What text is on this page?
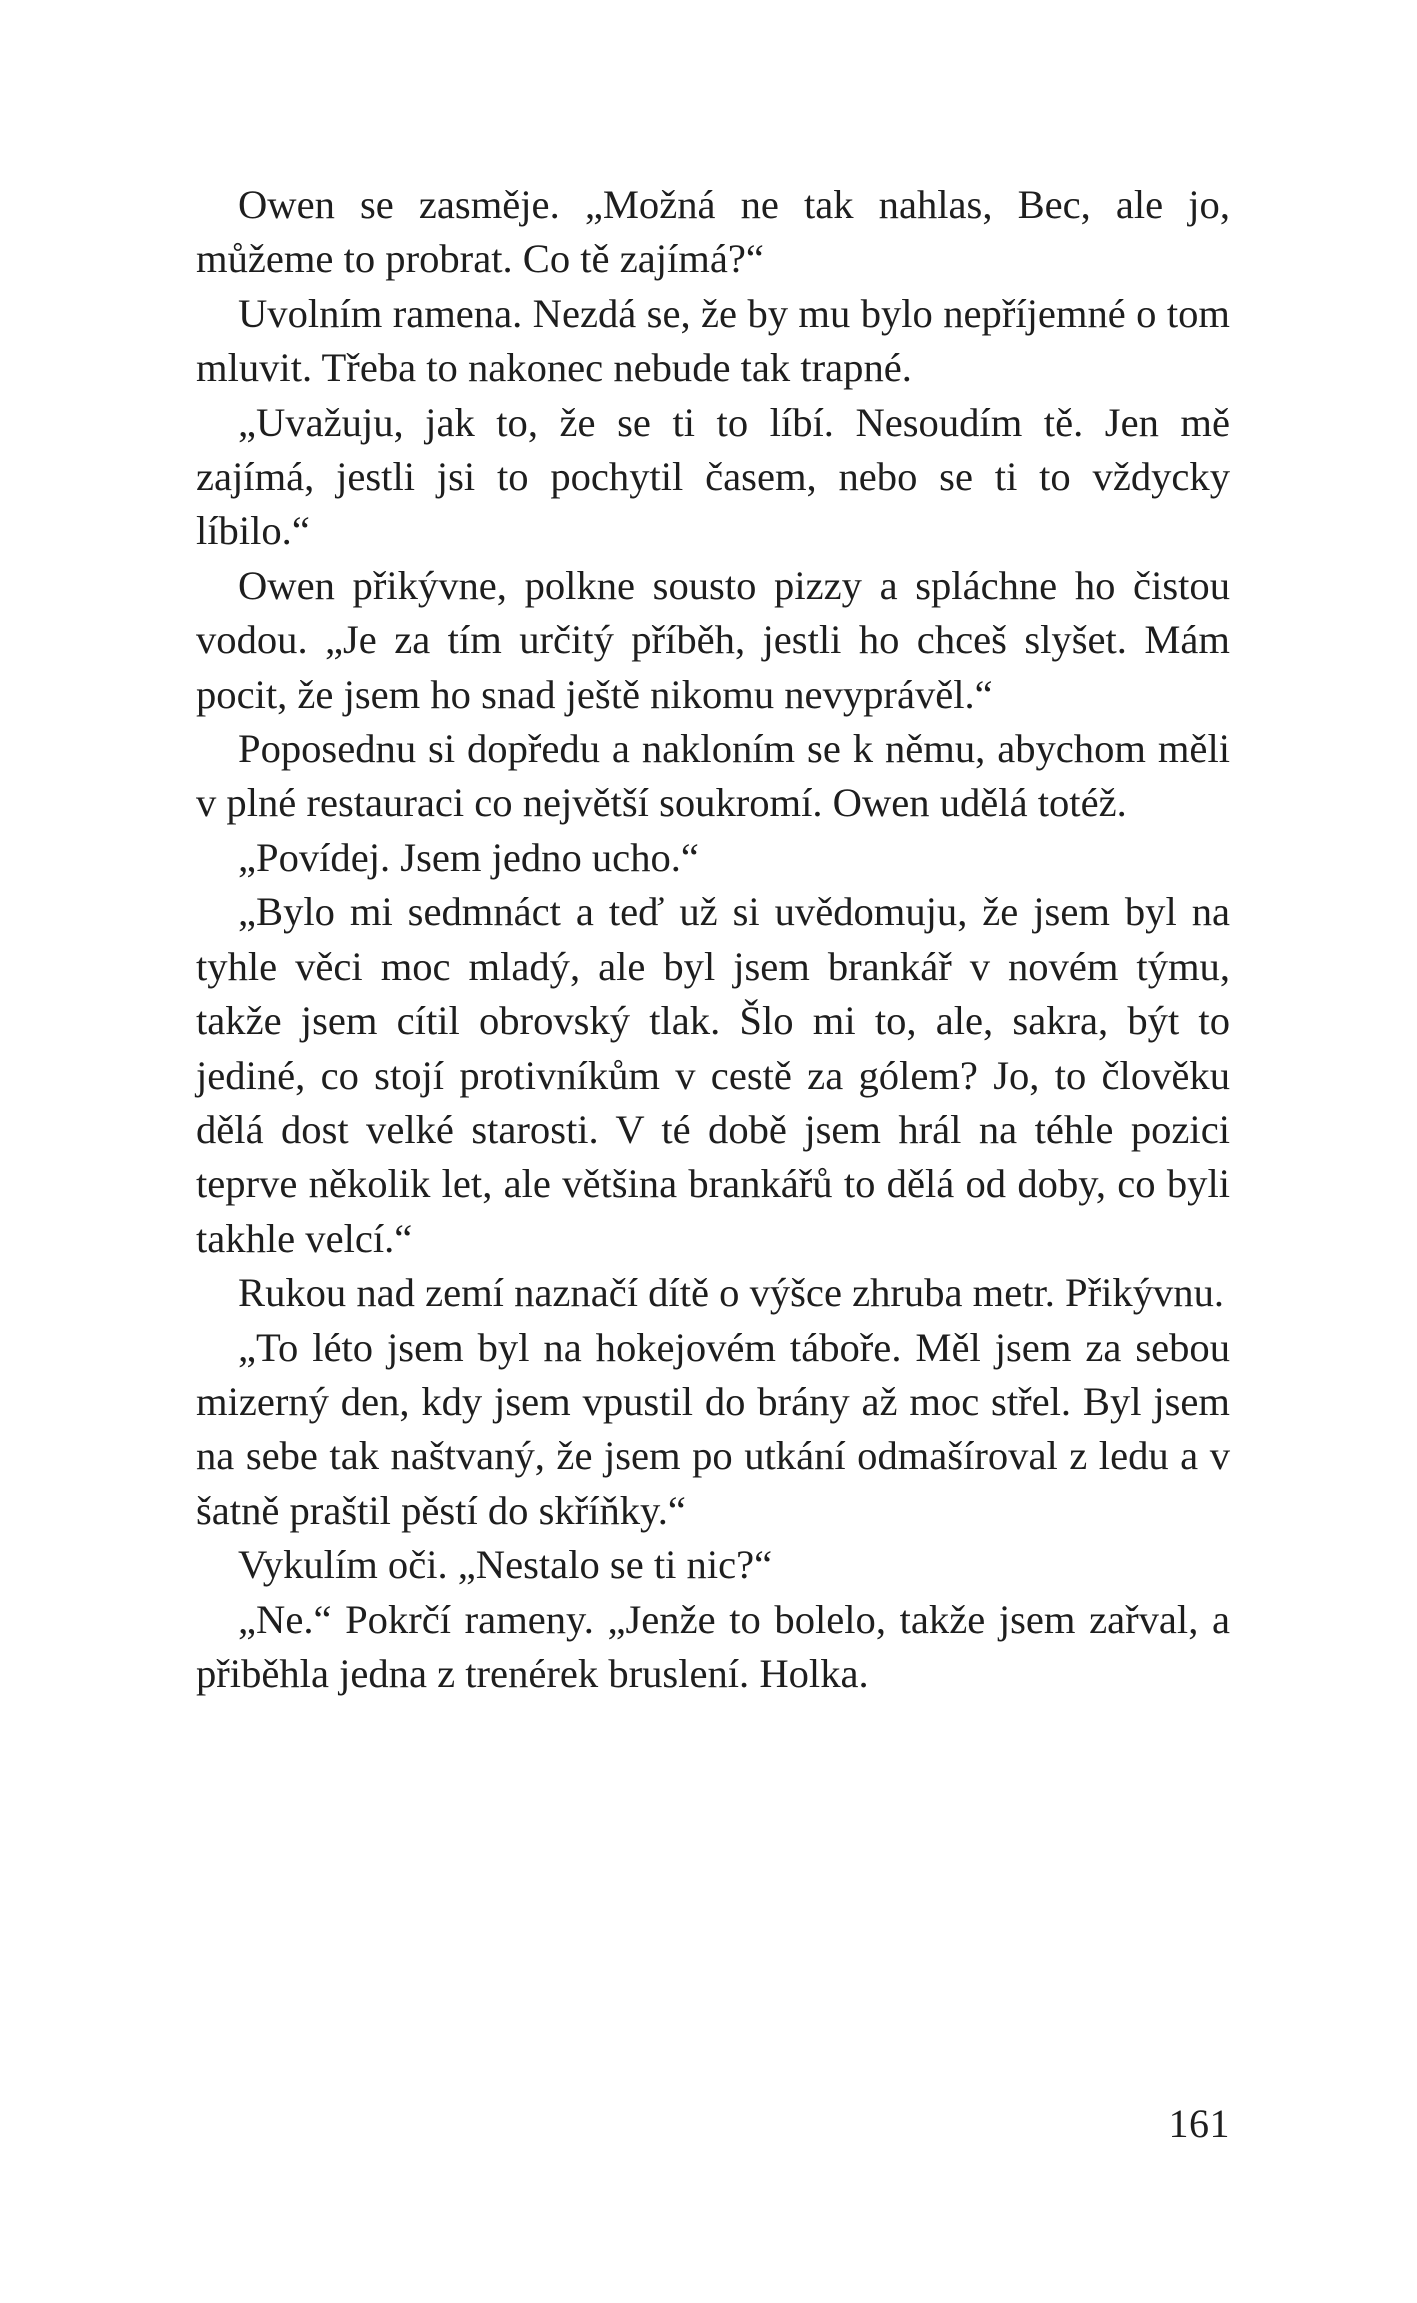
Owen se zasměje. „Možná ne tak nahlas, Bec, ale jo, můžeme to probrat. Co tě zajímá?“

Uvolním ramena. Nezdá se, že by mu bylo nepříjemné o tom mluvit. Třeba to nakonec nebude tak trapné.

„Uvažuju, jak to, že se ti to líbí. Nesoudím tě. Jen mě zajímá, jestli jsi to pochytil časem, nebo se ti to vždycky líbilo.“

Owen přikývne, polkne sousto pizzy a spláchne ho čistou vodou. „Je za tím určitý příběh, jestli ho chceš slyšet. Mám pocit, že jsem ho snad ještě nikomu nevyprávěl.“

Poposednu si dopředu a nakloním se k němu, abychom měli v plné restauraci co největší soukromí. Owen udělá totéž.

„Povídej. Jsem jedno ucho.“

„Bylo mi sedmnáct a teď už si uvědomuju, že jsem byl na tyhle věci moc mladý, ale byl jsem brankář v novém týmu, takže jsem cítil obrovský tlak. Šlo mi to, ale, sakra, být to jediné, co stojí protivníkům v cestě za gólem? Jo, to člověku dělá dost velké starosti. V té době jsem hrál na téhle pozici teprve několik let, ale většina brankářů to dělá od doby, co byli takhle velcí.“

Rukou nad zemí naznačí dítě o výšce zhruba metr. Přikývnu.

„To léto jsem byl na hokejovém táboře. Měl jsem za sebou mizerný den, kdy jsem vpustil do brány až moc střel. Byl jsem na sebe tak naštvaný, že jsem po utkání odmašíroval z ledu a v šatně praštil pěstí do skříňky.“

Vykulím oči. „Nestalo se ti nic?“

„Ne.“ Pokrčí rameny. „Jenže to bolelo, takže jsem zařval, a přiběhla jedna z trenérek bruslení. Holka.

161
